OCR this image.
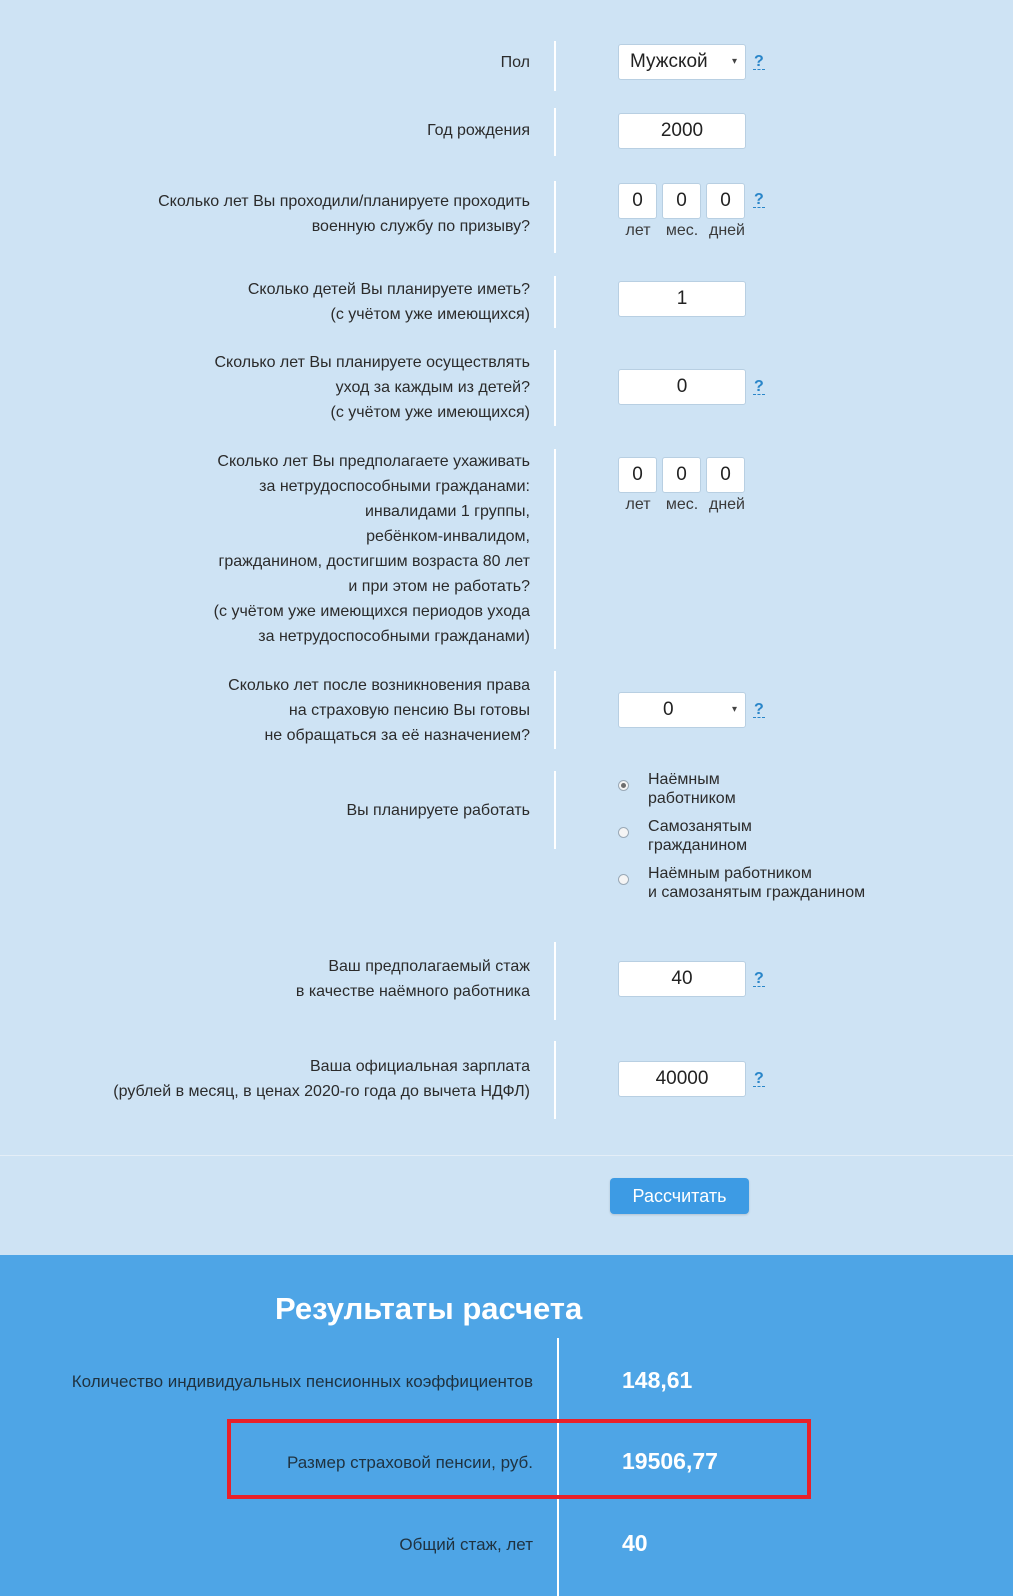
Пол	Мужской ▾ ?
Год рождения	2000
Сколько лет Вы проходили/планируете проходить
военную службу по призыву?
0	0	0	?
лет мес. дней
Сколько детей Вы планируете иметь?
(с учётом уже имеющихся)
1
Сколько лет Вы планируете осуществлять
уход за каждым из детей?
(с учётом уже имеющихся)
0	?
Сколько лет Вы предполагаете ухаживать
за нетрудоспособными гражданами:
инвалидами 1 группы,
ребёнком-инвалидом,
гражданином, достигшим возраста 80 лет
и при этом не работать?
(с учётом уже имеющихся периодов ухода
за нетрудоспособными гражданами)
0	0	0
лет мес. дней
Сколько лет после возникновения права
на страховую пенсию Вы готовы
не обращаться за её назначением?
0	▾ ?
Вы планируете работать
Наёмным
работником
Самозанятым
гражданином
Наёмным работником
и самозанятым гражданином
Ваш предполагаемый стаж
в качестве наёмного работника
40	?
Ваша официальная зарплата
(рублей в месяц, в ценах 2020-го года до вычета НДФЛ)
40000	?
Рассчитать
Результаты расчета
Количество индивидуальных пенсионных коэффициентов	148,61
Размер страховой пенсии, руб.	19506,77
Общий стаж, лет	40
